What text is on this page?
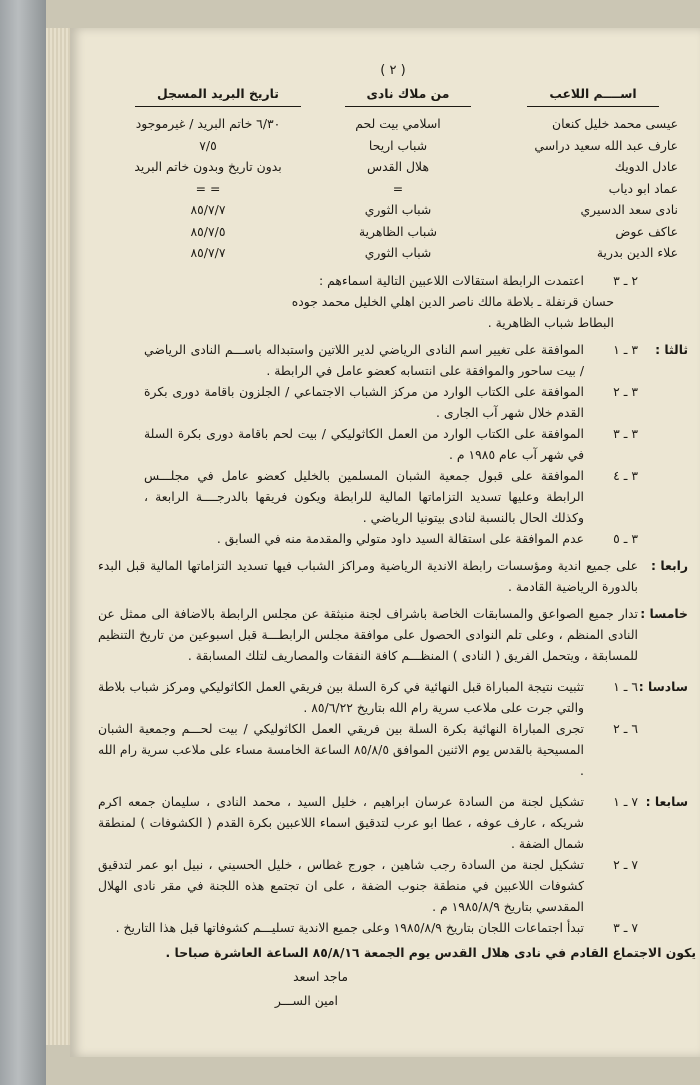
( ٢ )
اســــم اللاعب
من ملاك نادى
تاريخ البريد المسجل
عيسى محمد خليل كنعان
اسلامي بيت لحم
٦/٣٠ خاتم البريد / غيرموجود
عارف عبد الله سعيد دراسي
شباب اريحا
٧/٥
عادل الدويك
هلال القدس
بدون تاريخ وبدون خاتم البريد
عماد ابو دياب
=
= =
نادى سعد الدسيري
شباب الثوري
٨٥/٧/٧
عاكف عوض
شباب الظاهرية
٨٥/٧/٥
علاء الدين بدرية
شباب الثوري
٨٥/٧/٧
٢ ـ ٣
اعتمدت الرابطة استقالات اللاعبين التالية اسماءهم :
حسان قرنفلة ـ بلاطة مالك ناصر الدين اهلي الخليل محمد جوده
البطاط شباب الظاهرية .
ثالثا :
٣ ـ ١
الموافقة على تغيير اسم النادى الرياضي لدير اللاتين واستبداله باســـم النادى الرياضي / بيت ساحور والموافقة على انتسابه كعضو عامل في الرابطة .
٣ ـ ٢
الموافقة على الكتاب الوارد من مركز الشباب الاجتماعي / الجلزون باقامة دورى بكرة القدم خلال شهر آب الجارى .
٣ ـ ٣
الموافقة على الكتاب الوارد من العمل الكاثوليكي / بيت لحم باقامة دورى بكرة السلة في شهر آب عام ١٩٨٥ م .
٣ ـ ٤
الموافقة على قبول جمعية الشبان المسلمين بالخليل كعضو عامل في مجلـــس الرابطة وعليها تسديد التزاماتها المالية للرابطة ويكون فريقها بالدرجــــة الرابعة ، وكذلك الحال بالنسبة لنادى بيتونيا الرياضي .
٣ ـ ٥
عدم الموافقة على استقالة السيد داود متولي والمقدمة منه في السابق .
رابعا :
على جميع اندية ومؤسسات رابطة الاندية الرياضية ومراكز الشباب فيها تسديد التزاماتها المالية قبل البدء بالدورة الرياضية القادمة .
خامسا :
تدار جميع الصواعق والمسابقات الخاصة باشراف لجنة منبثقة عن مجلس الرابطة بالاضافة الى ممثل عن النادى المنظم ، وعلى تلم النوادى الحصول على موافقة مجلس الرابطـــة قبل اسبوعين من تاريخ التنظيم للمسابقة ، ويتحمل الفريق ( النادى ) المنظـــم كافة النفقات والمصاريف لتلك المسابقة .
سادسا :
٦ ـ ١
تثبيت نتيجة المباراة قبل النهائية في كرة السلة بين فريقي العمل الكاثوليكي ومركز شباب بلاطة والتي جرت على ملاعب سرية رام الله بتاريخ ٨٥/٦/٢٢ .
٦ ـ ٢
تجرى المباراة النهائية بكرة السلة بين فريقي العمل الكاثوليكي / بيت لحـــم وجمعية الشبان المسيحية بالقدس يوم الاثنين الموافق ٨٥/٨/٥ الساعة الخامسة مساء على ملاعب سرية رام الله .
سابعا :
٧ ـ ١
تشكيل لجنة من السادة عرسان ابراهيم ، خليل السيد ، محمد النادى ، سليمان جمعه اكرم شريكه ، عارف عوفه ، عطا ابو عرب لتدقيق اسماء اللاعبين بكرة القدم ( الكشوفات ) لمنطقة شمال الضفة .
٧ ـ ٢
تشكيل لجنة من السادة رجب شاهين ، جورج غطاس ، خليل الحسيني ، نبيل ابو عمر لتدقيق كشوفات اللاعبين في منطقة جنوب الضفة ، على ان تجتمع هذه اللجنة في مقر نادى الهلال المقدسي بتاريخ ١٩٨٥/٨/٩ م .
٧ ـ ٣
تبدأ اجتماعات اللجان بتاريخ ١٩٨٥/٨/٩ وعلى جميع الاندية تسليـــم كشوفاتها قبل هذا التاريخ .
يكون الاجتماع القادم في نادى هلال القدس يوم الجمعة ٨٥/٨/١٦ الساعة العاشرة صباحا .
ماجد اسعد
امين الســـر
